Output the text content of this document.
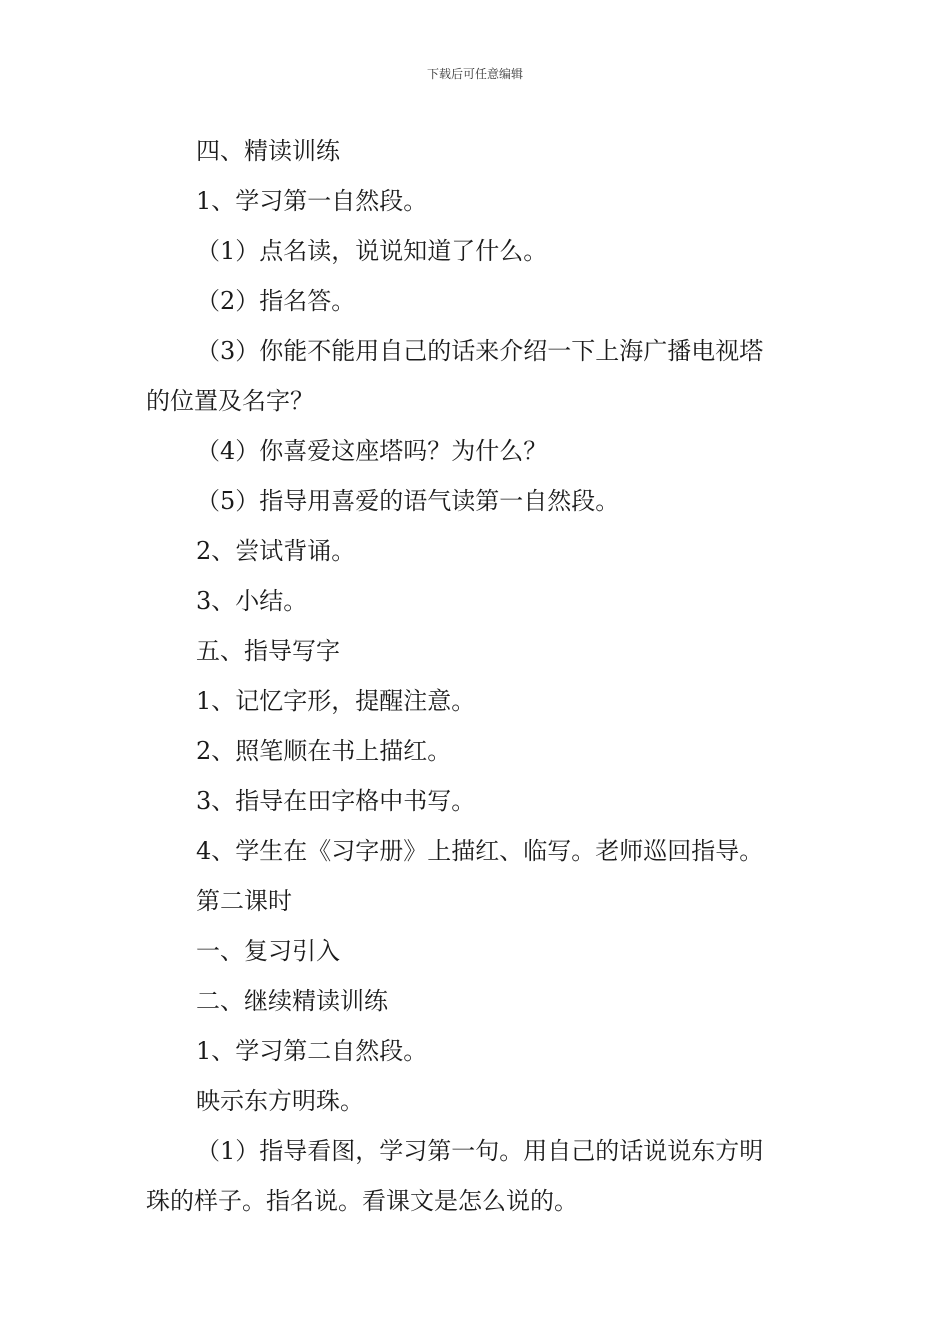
下载后可任意编辑
四、精读训练
1、学习第一自然段。
（1）点名读，说说知道了什么。
（2）指名答。
（3）你能不能用自己的话来介绍一下上海广播电视塔
的位置及名字？
（4）你喜爱这座塔吗？为什么？
（5）指导用喜爱的语气读第一自然段。
2、尝试背诵。
3、小结。
五、指导写字
1、记忆字形，提醒注意。
2、照笔顺在书上描红。
3、指导在田字格中书写。
4、学生在《习字册》上描红、临写。老师巡回指导。
第二课时
一、复习引入
二、继续精读训练
1、学习第二自然段。
映示东方明珠。
（1）指导看图，学习第一句。用自己的话说说东方明
珠的样子。指名说。看课文是怎么说的。
